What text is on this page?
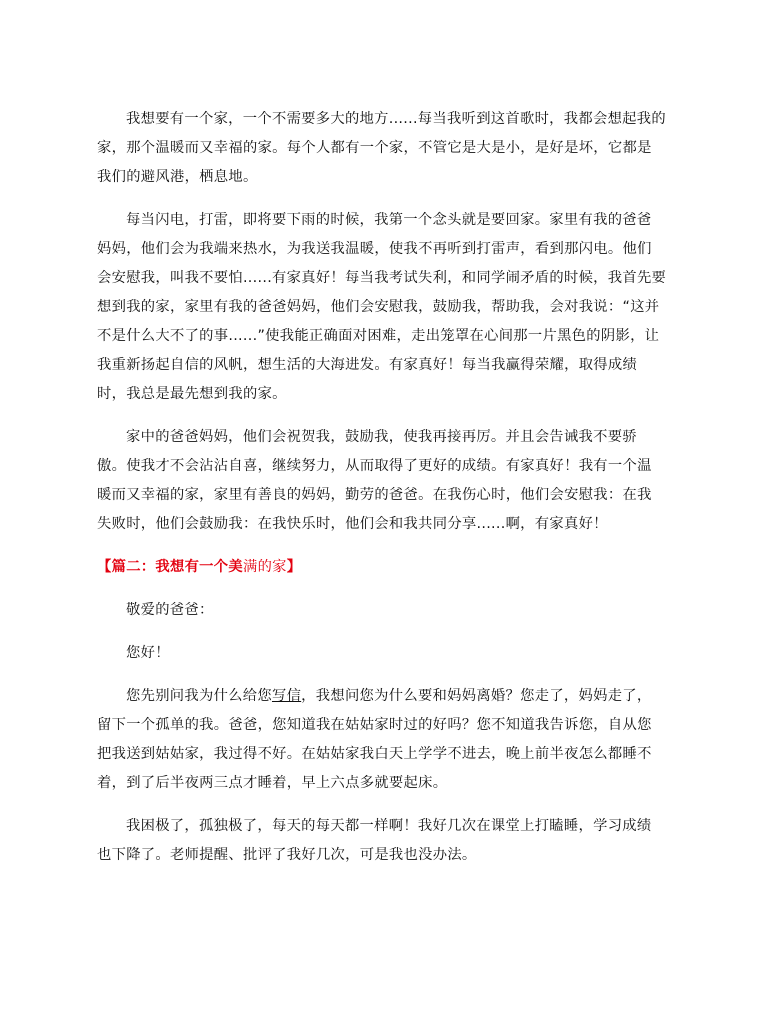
我想要有一个家，一个不需要多大的地方......每当我听到这首歌时，我都会想起我的
家，那个温暖而又幸福的家。每个人都有一个家，不管它是大是小，是好是坏，它都是
我们的避风港，栖息地。

每当闪电，打雷，即将要下雨的时候，我第一个念头就是要回家。家里有我的爸爸
妈妈，他们会为我端来热水，为我送我温暖，使我不再听到打雷声，看到那闪电。他们
会安慰我，叫我不要怕......有家真好！每当我考试失利，和同学闹矛盾的时候，我首先要
想到我的家，家里有我的爸爸妈妈，他们会安慰我，鼓励我，帮助我，会对我说：“这并
不是什么大不了的事......”使我能正确面对困难，走出笼罩在心间那一片黑色的阴影，让
我重新扬起自信的风帆，想生活的大海进发。有家真好！每当我赢得荣耀，取得成绩
时，我总是最先想到我的家。

家中的爸爸妈妈，他们会祝贺我，鼓励我，使我再接再厉。并且会告诫我不要骄
傲。使我才不会沾沾自喜，继续努力，从而取得了更好的成绩。有家真好！我有一个温
暖而又幸福的家，家里有善良的妈妈，勤劳的爸爸。在我伤心时，他们会安慰我：在我
失败时，他们会鼓励我：在我快乐时，他们会和我共同分享......啊，有家真好！

【篇二：我想有一个美满的家】

敬爱的爸爸：

您好！

您先别问我为什么给您写信，我想问您为什么要和妈妈离婚？您走了，妈妈走了，
留下一个孤单的我。爸爸，您知道我在姑姑家时过的好吗？您不知道我告诉您，自从您
把我送到姑姑家，我过得不好。在姑姑家我白天上学学不进去，晚上前半夜怎么都睡不
着，到了后半夜两三点才睡着，早上六点多就要起床。

我困极了，孤独极了，每天的每天都一样啊！我好几次在课堂上打瞌睡，学习成绩
也下降了。老师提醒、批评了我好几次，可是我也没办法。
